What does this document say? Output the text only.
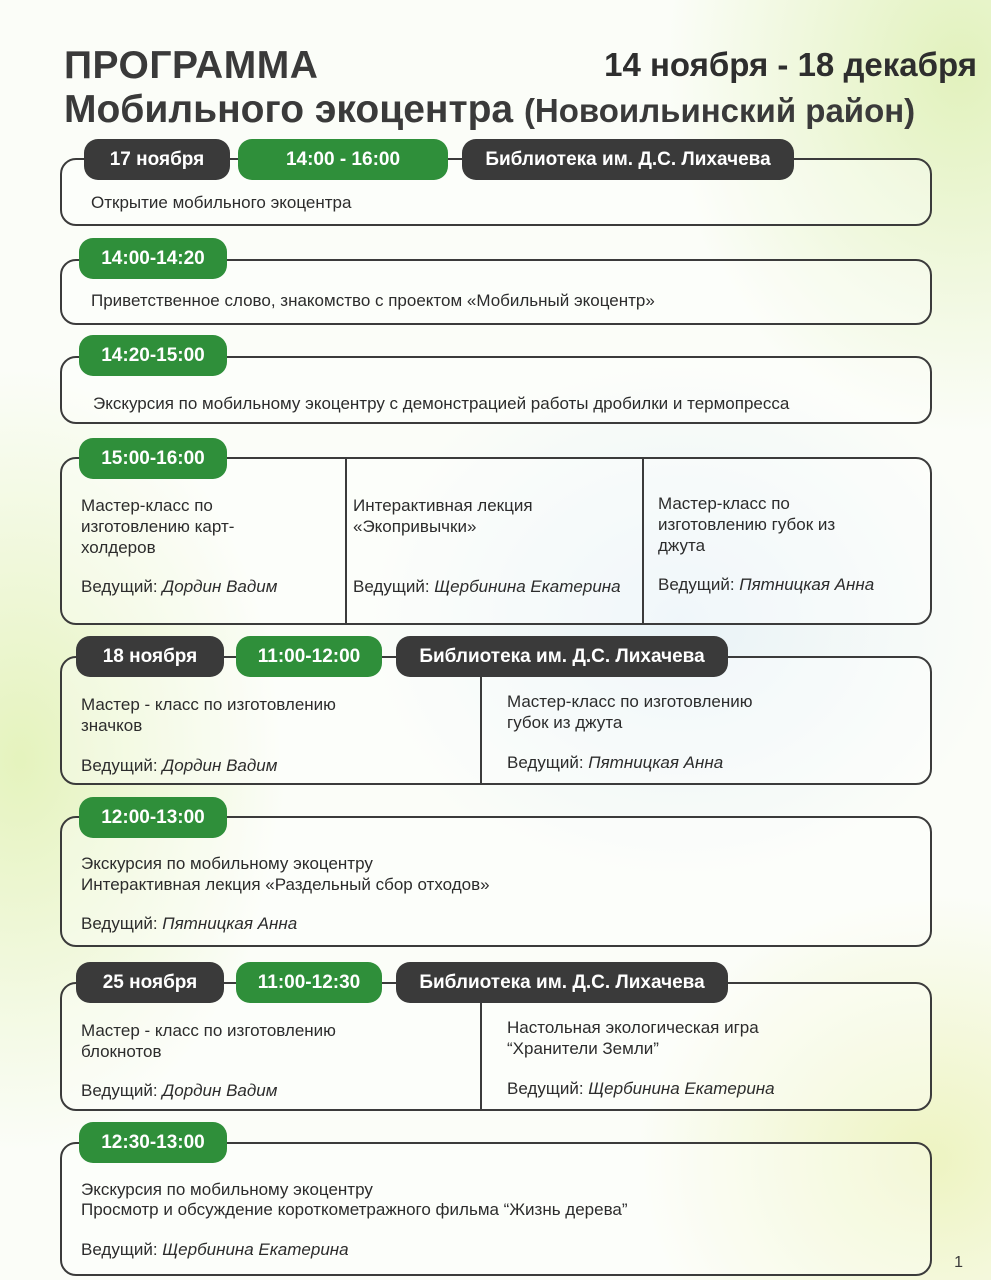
ПРОГРАММА
Мобильного экоцентра (Новоильинский район)
14 ноября - 18 декабря
Открытие мобильного экоцентра
17 ноября	14:00 - 16:00	Библиотека им. Д.С. Лихачева
Приветственное слово, знакомство с проектом «Мобильный экоцентр»
14:00-14:20
Экскурсия по мобильному экоцентру с демонстрацией работы дробилки и термопресса
14:20-15:00
Мастер-класс по изготовлению карт-холдеров
Ведущий: Дордин Вадим
Интерактивная лекция «Экопривычки»
Ведущий: Щербинина Екатерина
Мастер-класс по изготовлению губок из джута
Ведущий: Пятницкая Анна
15:00-16:00
Мастер - класс по изготовлению значков
Ведущий: Дордин Вадим
Мастер-класс по изготовлению губок из джута
Ведущий: Пятницкая Анна
18 ноября	11:00-12:00	Библиотека им. Д.С. Лихачева
Экскурсия по мобильному экоцентру
Интерактивная лекция «Раздельный сбор отходов»
Ведущий: Пятницкая Анна
12:00-13:00
Мастер - класс по изготовлению блокнотов
Ведущий: Дордин Вадим
Настольная экологическая игра “Хранители Земли”
Ведущий: Щербинина Екатерина
25 ноября	11:00-12:30	Библиотека им. Д.С. Лихачева
Экскурсия по мобильному экоцентру
Просмотр и обсуждение короткометражного фильма “Жизнь дерева”
Ведущий: Щербинина Екатерина
12:30-13:00
1
